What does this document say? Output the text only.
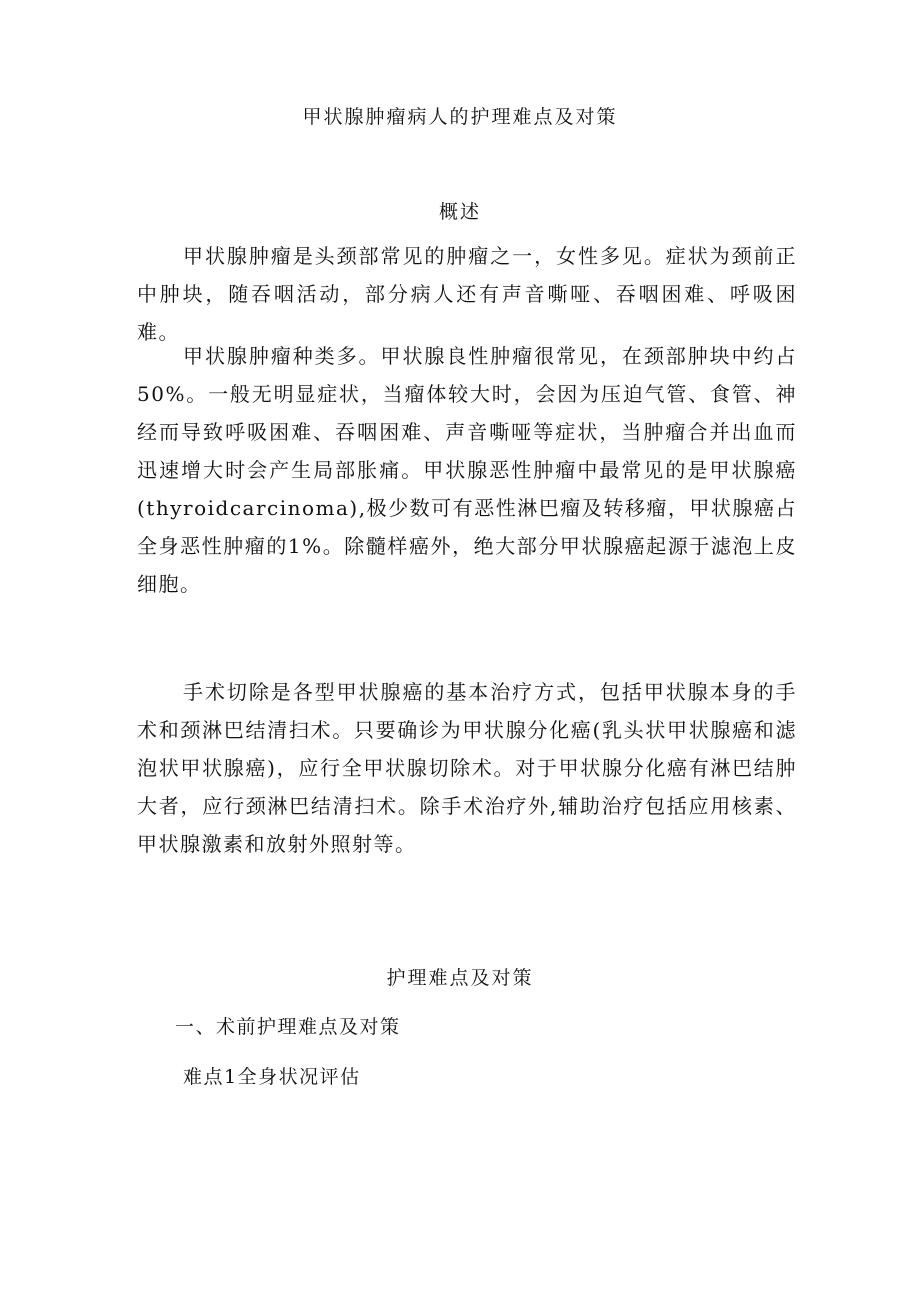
甲状腺肿瘤病人的护理难点及对策
概述

甲状腺肿瘤是头颈部常见的肿瘤之一，女性多见。症状为颈前正中肿块，随吞咽活动，部分病人还有声音嘶哑、吞咽困难、呼吸困难。

甲状腺肿瘤种类多。甲状腺良性肿瘤很常见，在颈部肿块中约占50%。一般无明显症状，当瘤体较大时，会因为压迫气管、食管、神经而导致呼吸困难、吞咽困难、声音嘶哑等症状，当肿瘤合并出血而迅速增大时会产生局部胀痛。甲状腺恶性肿瘤中最常见的是甲状腺癌(thyroidcarcinoma),极少数可有恶性淋巴瘤及转移瘤，甲状腺癌占全身恶性肿瘤的1%。除髓样癌外，绝大部分甲状腺癌起源于滤泡上皮细胞。

手术切除是各型甲状腺癌的基本治疗方式，包括甲状腺本身的手术和颈淋巴结清扫术。只要确诊为甲状腺分化癌(乳头状甲状腺癌和滤泡状甲状腺癌)，应行全甲状腺切除术。对于甲状腺分化癌有淋巴结肿大者，应行颈淋巴结清扫术。除手术治疗外,辅助治疗包括应用核素、甲状腺激素和放射外照射等。

护理难点及对策
一、术前护理难点及对策
难点1全身状况评估
